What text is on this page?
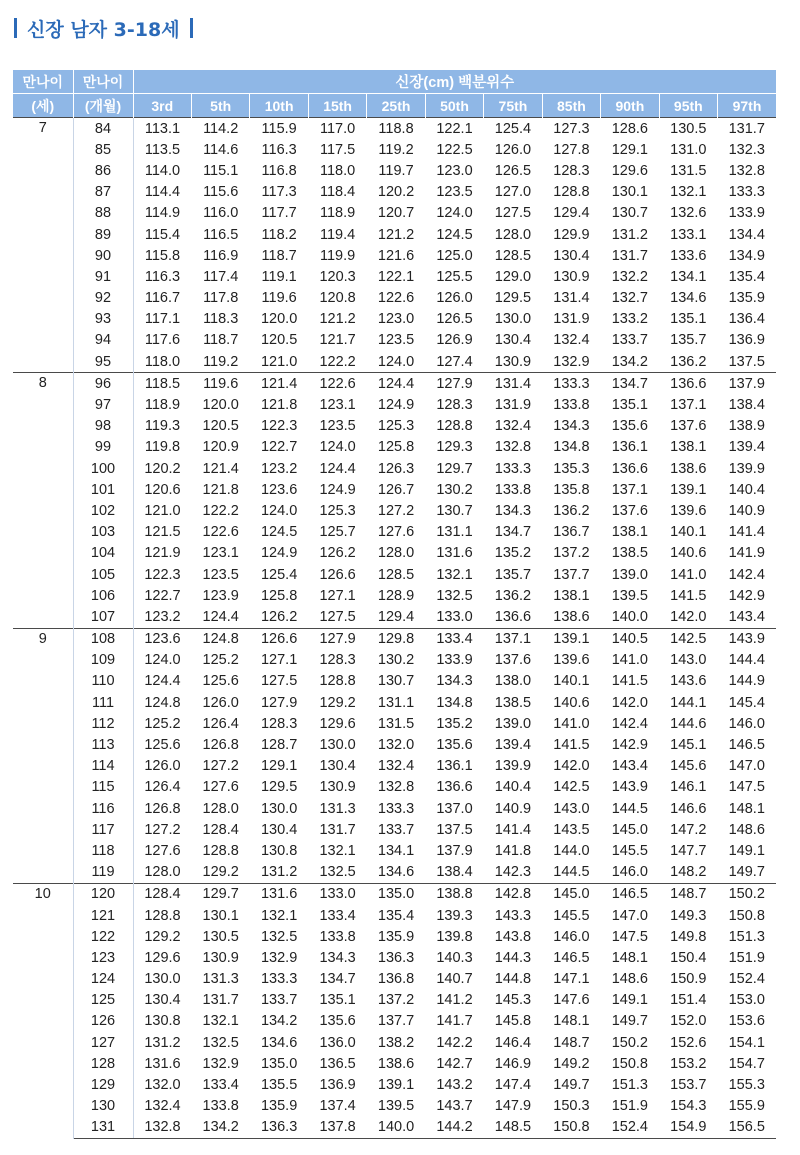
신장 남자 3-18세
만나이	만나이	신장(cm) 백분위수										
(세)	(개월)	3rd	5th	10th	15th	25th	50th	75th	85th	90th	95th	97th
7	84	113.1	114.2	115.9	117.0	118.8	122.1	125.4	127.3	128.6	130.5	131.7
	85	113.5	114.6	116.3	117.5	119.2	122.5	126.0	127.8	129.1	131.0	132.3
	86	114.0	115.1	116.8	118.0	119.7	123.0	126.5	128.3	129.6	131.5	132.8
	87	114.4	115.6	117.3	118.4	120.2	123.5	127.0	128.8	130.1	132.1	133.3
	88	114.9	116.0	117.7	118.9	120.7	124.0	127.5	129.4	130.7	132.6	133.9
	89	115.4	116.5	118.2	119.4	121.2	124.5	128.0	129.9	131.2	133.1	134.4
	90	115.8	116.9	118.7	119.9	121.6	125.0	128.5	130.4	131.7	133.6	134.9
	91	116.3	117.4	119.1	120.3	122.1	125.5	129.0	130.9	132.2	134.1	135.4
	92	116.7	117.8	119.6	120.8	122.6	126.0	129.5	131.4	132.7	134.6	135.9
	93	117.1	118.3	120.0	121.2	123.0	126.5	130.0	131.9	133.2	135.1	136.4
	94	117.6	118.7	120.5	121.7	123.5	126.9	130.4	132.4	133.7	135.7	136.9
	95	118.0	119.2	121.0	122.2	124.0	127.4	130.9	132.9	134.2	136.2	137.5
8	96	118.5	119.6	121.4	122.6	124.4	127.9	131.4	133.3	134.7	136.6	137.9
	97	118.9	120.0	121.8	123.1	124.9	128.3	131.9	133.8	135.1	137.1	138.4
	98	119.3	120.5	122.3	123.5	125.3	128.8	132.4	134.3	135.6	137.6	138.9
	99	119.8	120.9	122.7	124.0	125.8	129.3	132.8	134.8	136.1	138.1	139.4
	100	120.2	121.4	123.2	124.4	126.3	129.7	133.3	135.3	136.6	138.6	139.9
	101	120.6	121.8	123.6	124.9	126.7	130.2	133.8	135.8	137.1	139.1	140.4
	102	121.0	122.2	124.0	125.3	127.2	130.7	134.3	136.2	137.6	139.6	140.9
	103	121.5	122.6	124.5	125.7	127.6	131.1	134.7	136.7	138.1	140.1	141.4
	104	121.9	123.1	124.9	126.2	128.0	131.6	135.2	137.2	138.5	140.6	141.9
	105	122.3	123.5	125.4	126.6	128.5	132.1	135.7	137.7	139.0	141.0	142.4
	106	122.7	123.9	125.8	127.1	128.9	132.5	136.2	138.1	139.5	141.5	142.9
	107	123.2	124.4	126.2	127.5	129.4	133.0	136.6	138.6	140.0	142.0	143.4
9	108	123.6	124.8	126.6	127.9	129.8	133.4	137.1	139.1	140.5	142.5	143.9
	109	124.0	125.2	127.1	128.3	130.2	133.9	137.6	139.6	141.0	143.0	144.4
	110	124.4	125.6	127.5	128.8	130.7	134.3	138.0	140.1	141.5	143.6	144.9
	111	124.8	126.0	127.9	129.2	131.1	134.8	138.5	140.6	142.0	144.1	145.4
	112	125.2	126.4	128.3	129.6	131.5	135.2	139.0	141.0	142.4	144.6	146.0
	113	125.6	126.8	128.7	130.0	132.0	135.6	139.4	141.5	142.9	145.1	146.5
	114	126.0	127.2	129.1	130.4	132.4	136.1	139.9	142.0	143.4	145.6	147.0
	115	126.4	127.6	129.5	130.9	132.8	136.6	140.4	142.5	143.9	146.1	147.5
	116	126.8	128.0	130.0	131.3	133.3	137.0	140.9	143.0	144.5	146.6	148.1
	117	127.2	128.4	130.4	131.7	133.7	137.5	141.4	143.5	145.0	147.2	148.6
	118	127.6	128.8	130.8	132.1	134.1	137.9	141.8	144.0	145.5	147.7	149.1
	119	128.0	129.2	131.2	132.5	134.6	138.4	142.3	144.5	146.0	148.2	149.7
10	120	128.4	129.7	131.6	133.0	135.0	138.8	142.8	145.0	146.5	148.7	150.2
	121	128.8	130.1	132.1	133.4	135.4	139.3	143.3	145.5	147.0	149.3	150.8
	122	129.2	130.5	132.5	133.8	135.9	139.8	143.8	146.0	147.5	149.8	151.3
	123	129.6	130.9	132.9	134.3	136.3	140.3	144.3	146.5	148.1	150.4	151.9
	124	130.0	131.3	133.3	134.7	136.8	140.7	144.8	147.1	148.6	150.9	152.4
	125	130.4	131.7	133.7	135.1	137.2	141.2	145.3	147.6	149.1	151.4	153.0
	126	130.8	132.1	134.2	135.6	137.7	141.7	145.8	148.1	149.7	152.0	153.6
	127	131.2	132.5	134.6	136.0	138.2	142.2	146.4	148.7	150.2	152.6	154.1
	128	131.6	132.9	135.0	136.5	138.6	142.7	146.9	149.2	150.8	153.2	154.7
	129	132.0	133.4	135.5	136.9	139.1	143.2	147.4	149.7	151.3	153.7	155.3
	130	132.4	133.8	135.9	137.4	139.5	143.7	147.9	150.3	151.9	154.3	155.9
	131	132.8	134.2	136.3	137.8	140.0	144.2	148.5	150.8	152.4	154.9	156.5
